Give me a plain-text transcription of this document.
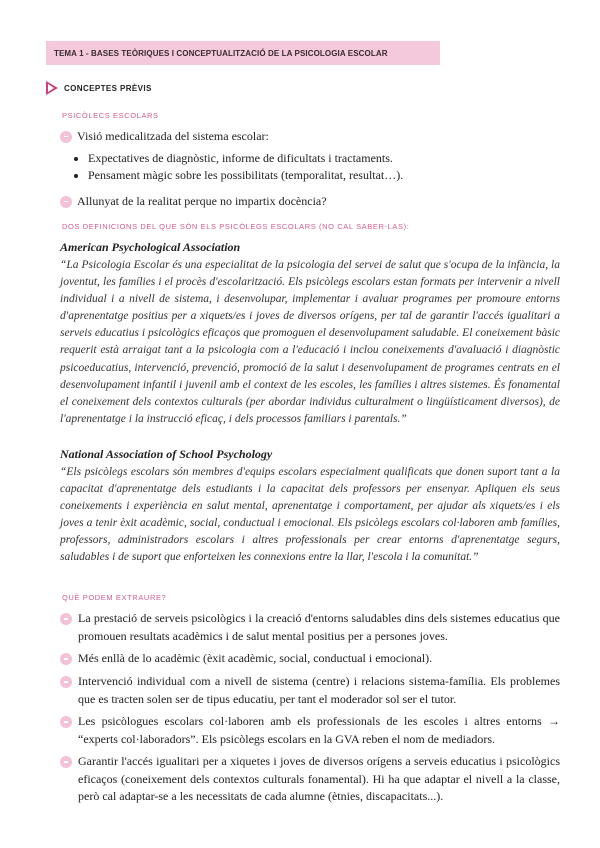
TEMA 1 - BASES TEÒRIQUES I CONCEPTUALITZACIÓ DE LA PSICOLOGIA ESCOLAR
CONCEPTES PRÈVIS
PSICÒLECS ESCOLARS
Visió medicalitzada del sistema escolar:
• Expectatives de diagnòstic, informe de dificultats i tractaments.
• Pensament màgic sobre les possibilitats (temporalitat, resultat…).
Allunyat de la realitat perque no impartix docència?
DOS DEFINICIONS DEL QUE SÓN ELS PSICÒLEGS ESCOLARS (NO CAL SABER-LAS):
American Psychological Association
“La Psicologia Escolar és una especialitat de la psicologia del servei de salut que s'ocupa de la infància, la joventut, les famílies i el procès d'escolarització. Els psicòlegs escolars estan formats per intervenir a nivell individual i a nivell de sistema, i desenvolupar, implementar i avaluar programes per promoure entorns d'aprenentatge positius per a xiquets/es i joves de diversos orígens, per tal de garantir l'accés igualitari a serveis educatius i psicològics eficaços que promoguen el desenvolupament saludable. El coneixement bàsic requerit està arraigat tant a la psicologia com a l'educació i inclou coneixements d'avaluació i diagnòstic psicoeducatius, intervenció, prevenció, promoció de la salut i desenvolupament de programes centrats en el desenvolupament infantil i juvenil amb el context de les escoles, les famílies i altres sistemes. És fonamental el coneixement dels contextos culturals (per abordar individus culturalment o lingüísticament diversos), de l'aprenentatge i la instrucció eficaç, i dels processos familiars i parentals.”
National Association of School Psychology
“Els psicòlegs escolars són membres d'equips escolars especialment qualificats que donen suport tant a la capacitat d'aprenentatge dels estudiants i la capacitat dels professors per ensenyar. Apliquen els seus coneixements i experiència en salut mental, aprenentatge i comportament, per ajudar als xiquets/es i els joves a tenir èxit acadèmic, social, conductual i emocional. Els psicòlegs escolars col·laboren amb famílies, professors, administradors escolars i altres professionals per crear entorns d'aprenentatge segurs, saludables i de suport que enforteixen les connexions entre la llar, l'escola i la comunitat.”
QUÈ PODEM EXTRAURE?
La prestació de serveis psicològics i la creació d'entorns saludables dins dels sistemes educatius que promouen resultats acadèmics i de salut mental positius per a persones joves.
Més enllà de lo acadèmic (èxit acadèmic, social, conductual i emocional).
Intervenció individual com a nivell de sistema (centre) i relacions sistema-família. Els problemes que es tracten solen ser de tipus educatiu, per tant el moderador sol ser el tutor.
Les psicòlogues escolars col·laboren amb els professionals de les escoles i altres entorns → “experts col·laboradors”. Els psicòlegs escolars en la GVA reben el nom de mediadors.
Garantir l'accés igualitari per a xiquetes i joves de diversos orígens a serveis educatius i psicològics eficaços (coneixement dels contextos culturals fonamental). Hi ha que adaptar el nivell a la classe, però cal adaptar-se a les necessitats de cada alumne (ètnies, discapacitats...).
